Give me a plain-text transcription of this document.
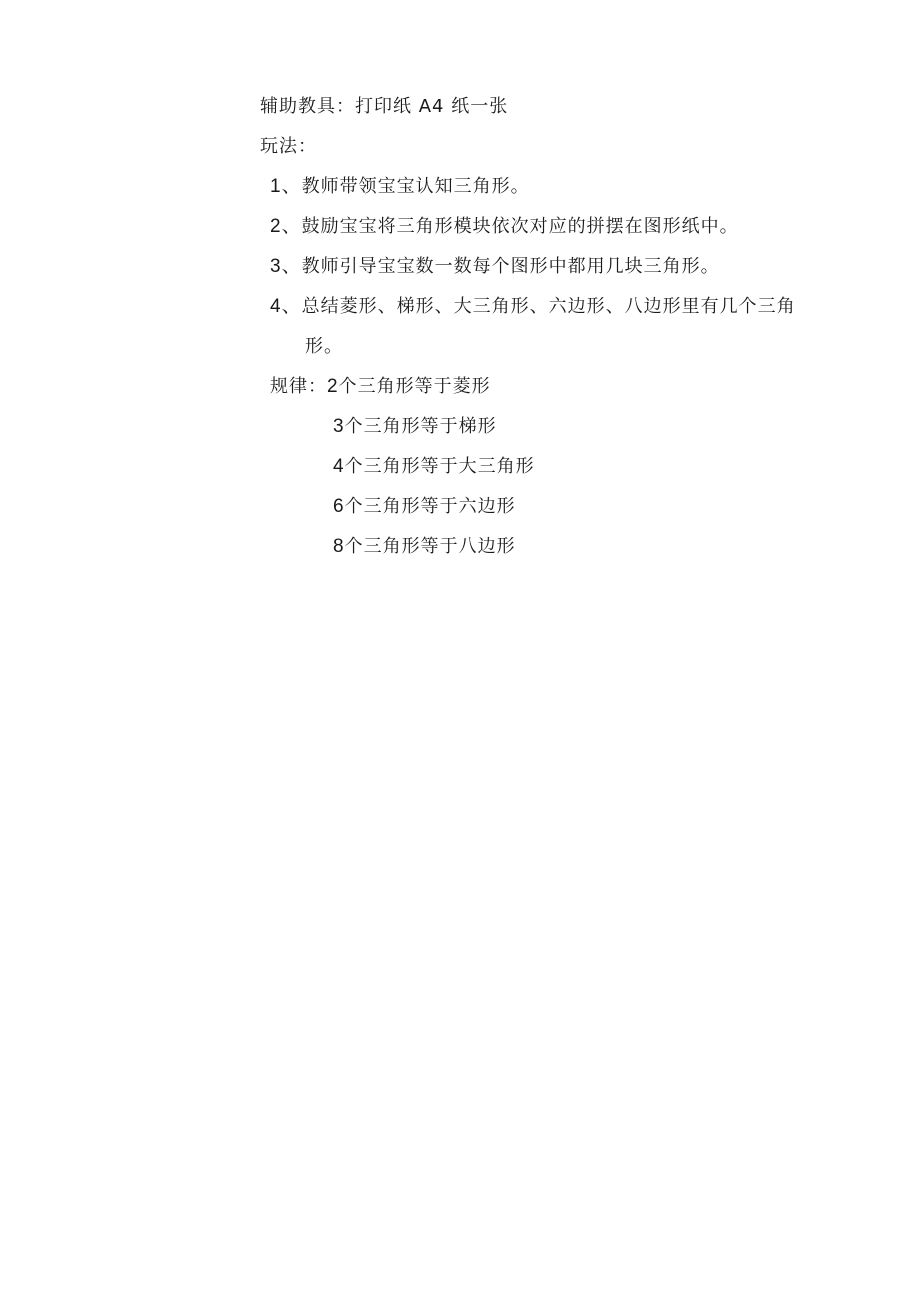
辅助教具：打印纸 A4 纸一张
玩法：
1、教师带领宝宝认知三角形。
2、鼓励宝宝将三角形模块依次对应的拼摆在图形纸中。
3、教师引导宝宝数一数每个图形中都用几块三角形。
4、总结菱形、梯形、大三角形、六边形、八边形里有几个三角
形。
规律：2个三角形等于菱形
3个三角形等于梯形
4个三角形等于大三角形
6个三角形等于六边形
8个三角形等于八边形
